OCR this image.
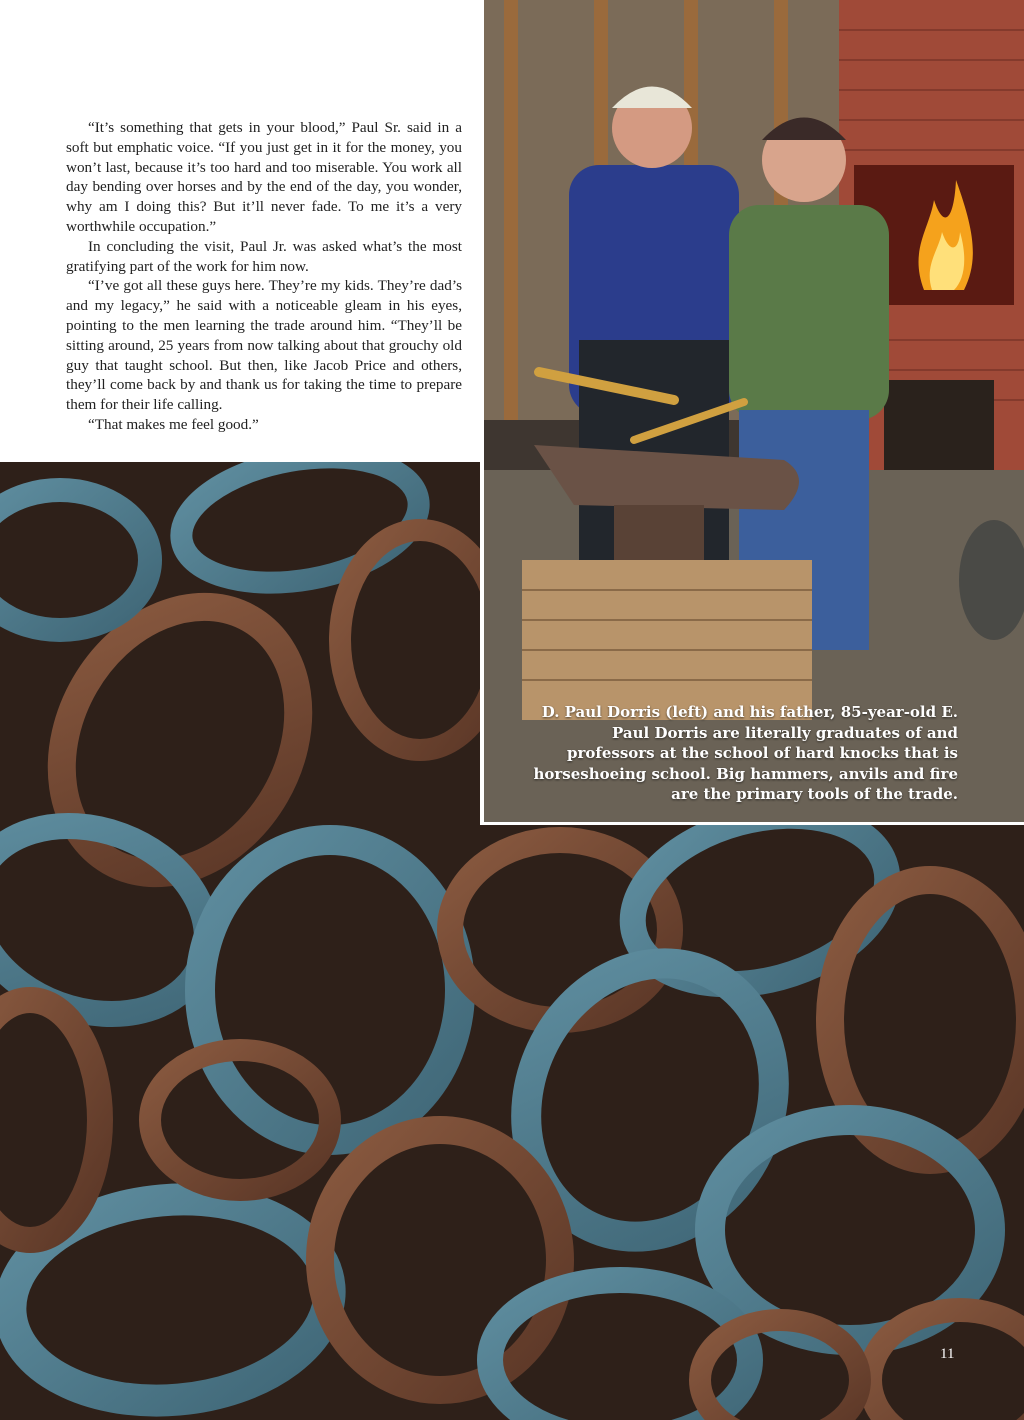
“It’s something that gets in your blood,” Paul Sr. said in a soft but emphatic voice. “If you just get in it for the money, you won’t last, because it’s too hard and too miserable. You work all day bending over horses and by the end of the day, you wonder, why am I doing this? But it’ll never fade. To me it’s a very worthwhile occupation.”

In concluding the visit, Paul Jr. was asked what’s the most gratifying part of the work for him now.

“I’ve got all these guys here. They’re my kids. They’re dad’s and my legacy,” he said with a noticeable gleam in his eyes, pointing to the men learning the trade around him. “They’ll be sitting around, 25 years from now talking about that grouchy old guy that taught school. But then, like Jacob Price and others, they’ll come back by and thank us for taking the time to prepare them for their life calling.

“That makes me feel good.”

D. Paul Dorris (left) and his father, 85-year-old E. Paul Dorris are literally graduates of and professors at the school of hard knocks that is horseshoeing school. Big hammers, anvils and fire are the primary tools of the trade.
11
